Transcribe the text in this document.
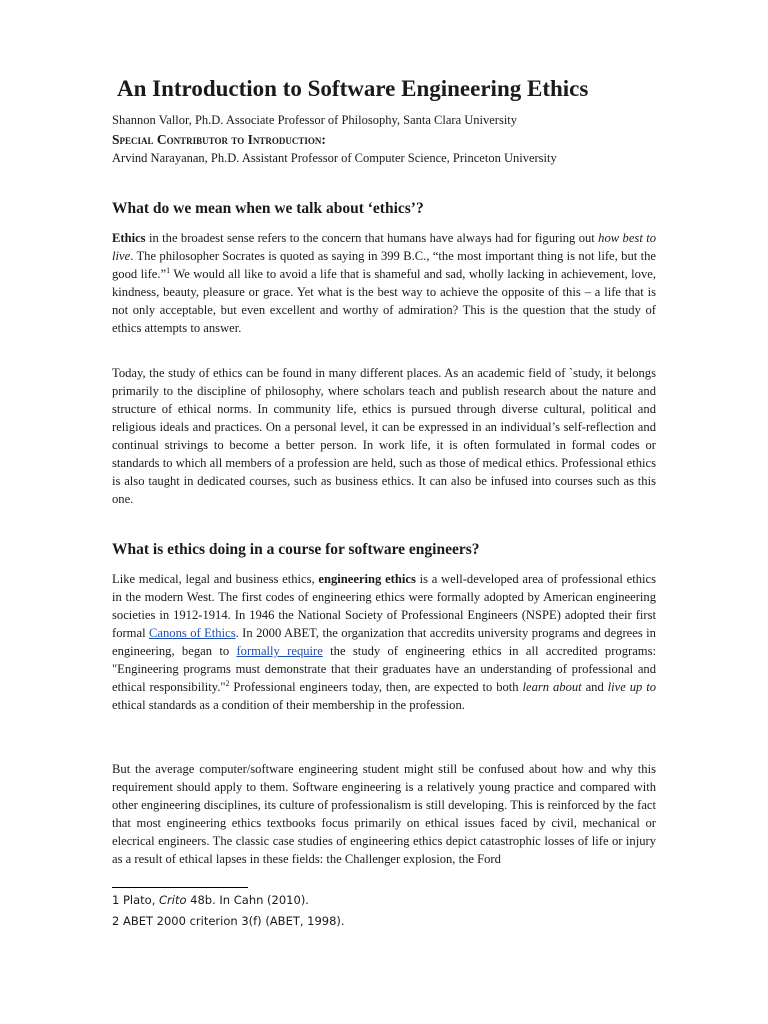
An Introduction to Software Engineering Ethics
Shannon Vallor, Ph.D. Associate Professor of Philosophy, Santa Clara University
Special Contributor to Introduction:
Arvind Narayanan, Ph.D. Assistant Professor of Computer Science, Princeton University
What do we mean when we talk about ‘ethics’?

Ethics in the broadest sense refers to the concern that humans have always had for figuring out how best to live. The philosopher Socrates is quoted as saying in 399 B.C., “the most important thing is not life, but the good life.”$^1$ We would all like to avoid a life that is shameful and sad, wholly lacking in achievement, love, kindness, beauty, pleasure or grace. Yet what is the best way to achieve the opposite of this – a life that is not only acceptable, but even excellent and worthy of admiration? This is the question that the study of ethics attempts to answer.

Today, the study of ethics can be found in many different places. As an academic field of `study, it belongs primarily to the discipline of philosophy, where scholars teach and publish research about the nature and structure of ethical norms. In community life, ethics is pursued through diverse cultural, political and religious ideals and practices. On a personal level, it can be expressed in an individual’s self-reflection and continual strivings to become a better person. In work life, it is often formulated in formal codes or standards to which all members of a profession are held, such as those of medical ethics. Professional ethics is also taught in dedicated courses, such as business ethics. It can also be infused into courses such as this one.

What is ethics doing in a course for software engineers?

Like medical, legal and business ethics, engineering ethics is a well-developed area of professional ethics in the modern West. The first codes of engineering ethics were formally adopted by American engineering societies in 1912-1914. In 1946 the National Society of Professional Engineers (NSPE) adopted their first formal Canons of Ethics. In 2000 ABET, the organization that accredits university programs and degrees in engineering, began to formally require the study of engineering ethics in all accredited programs: "Engineering programs must demonstrate that their graduates have an understanding of professional and ethical responsibility."$^2$ Professional engineers today, then, are expected to both learn about and live up to ethical standards as a condition of their membership in the profession.

But the average computer/software engineering student might still be confused about how and why this requirement should apply to them. Software engineering is a relatively young practice and compared with other engineering disciplines, its culture of professionalism is still developing. This is reinforced by the fact that most engineering ethics textbooks focus primarily on ethical issues faced by civil, mechanical or elecrical engineers. The classic case studies of engineering ethics depict catastrophic losses of life or injury as a result of ethical lapses in these fields: the Challenger explosion, the Ford

1 Plato, Crito 48b. In Cahn (2010).
2 ABET 2000 criterion 3(f) (ABET, 1998).
